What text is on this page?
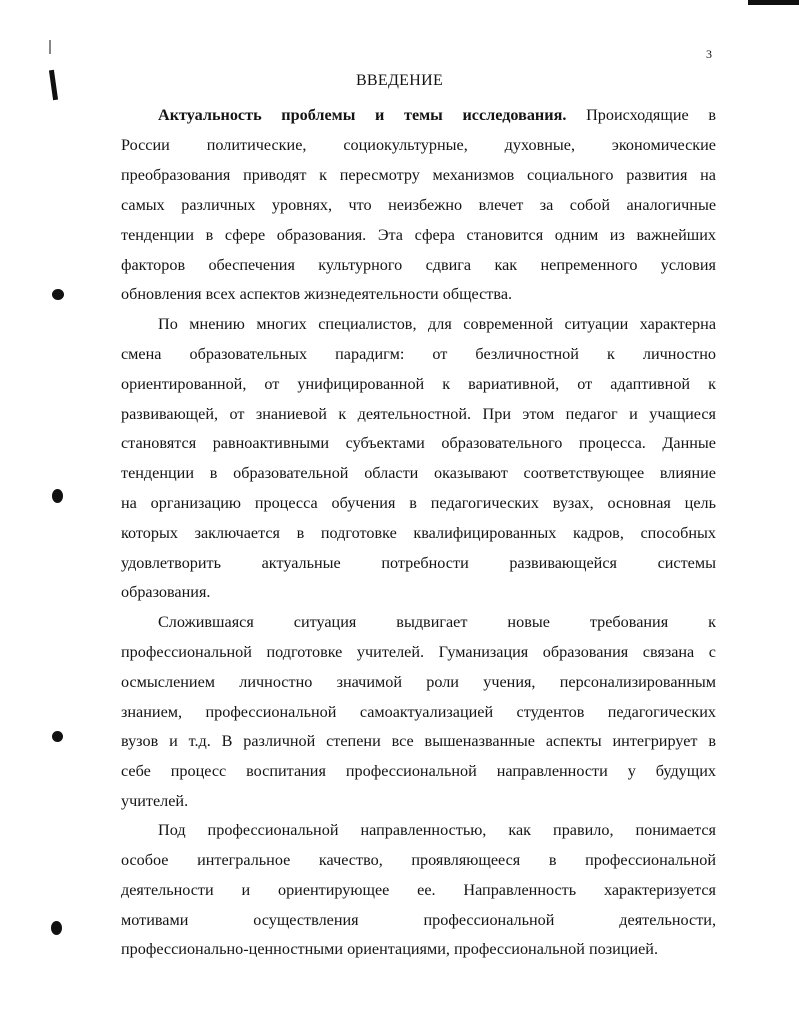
3
ВВЕДЕНИЕ
Актуальность проблемы и темы исследования. Происходящие в
России политические, социокультурные, духовные, экономические
преобразования приводят к пересмотру механизмов социального развития на
самых различных уровнях, что неизбежно влечет за собой аналогичные
тенденции в сфере образования. Эта сфера становится одним из важнейших
факторов обеспечения культурного сдвига как непременного условия
обновления всех аспектов жизнедеятельности общества.
По мнению многих специалистов, для современной ситуации характерна
смена образовательных парадигм: от безличностной к личностно
ориентированной, от унифицированной к вариативной, от адаптивной к
развивающей, от знаниевой к деятельностной. При этом педагог и учащиеся
становятся равноактивными субъектами образовательного процесса. Данные
тенденции в образовательной области оказывают соответствующее влияние
на организацию процесса обучения в педагогических вузах, основная цель
которых заключается в подготовке квалифицированных кадров, способных
удовлетворить актуальные потребности развивающейся системы
образования.
Сложившаяся ситуация выдвигает новые требования к
профессиональной подготовке учителей. Гуманизация образования связана с
осмыслением личностно значимой роли учения, персонализированным
знанием, профессиональной самоактуализацией студентов педагогических
вузов и т.д. В различной степени все вышеназванные аспекты интегрирует в
себе процесс воспитания профессиональной направленности у будущих
учителей.
Под профессиональной направленностью, как правило, понимается
особое интегральное качество, проявляющееся в профессиональной
деятельности и ориентирующее ее. Направленность характеризуется
мотивами осуществления профессиональной деятельности,
профессионально-ценностными ориентациями, профессиональной позицией.
